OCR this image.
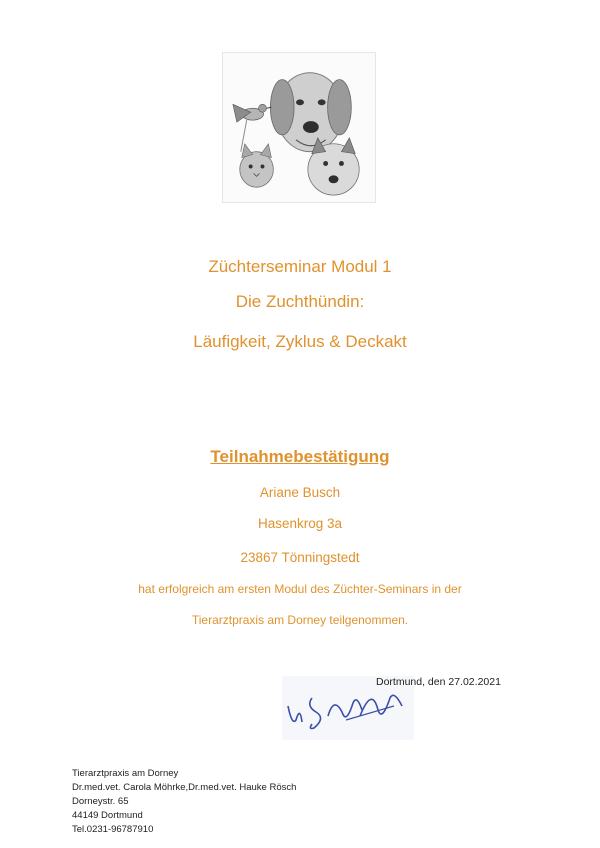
Züchterseminar Modul 1
Die Zuchthündin:
Läufigkeit, Zyklus & Deckakt
Teilnahmebestätigung
Ariane Busch
Hasenkrog 3a
23867 Tönningstedt
hat erfolgreich am ersten Modul des Züchter-Seminars in der
Tierarztpraxis am Dorney teilgenommen.
Dortmund, den 27.02.2021
Tierarztpraxis am Dorney
Dr.med.vet. Carola Möhrke,Dr.med.vet. Hauke Rösch
Dorneystr. 65
44149 Dortmund
Tel.0231-96787910
